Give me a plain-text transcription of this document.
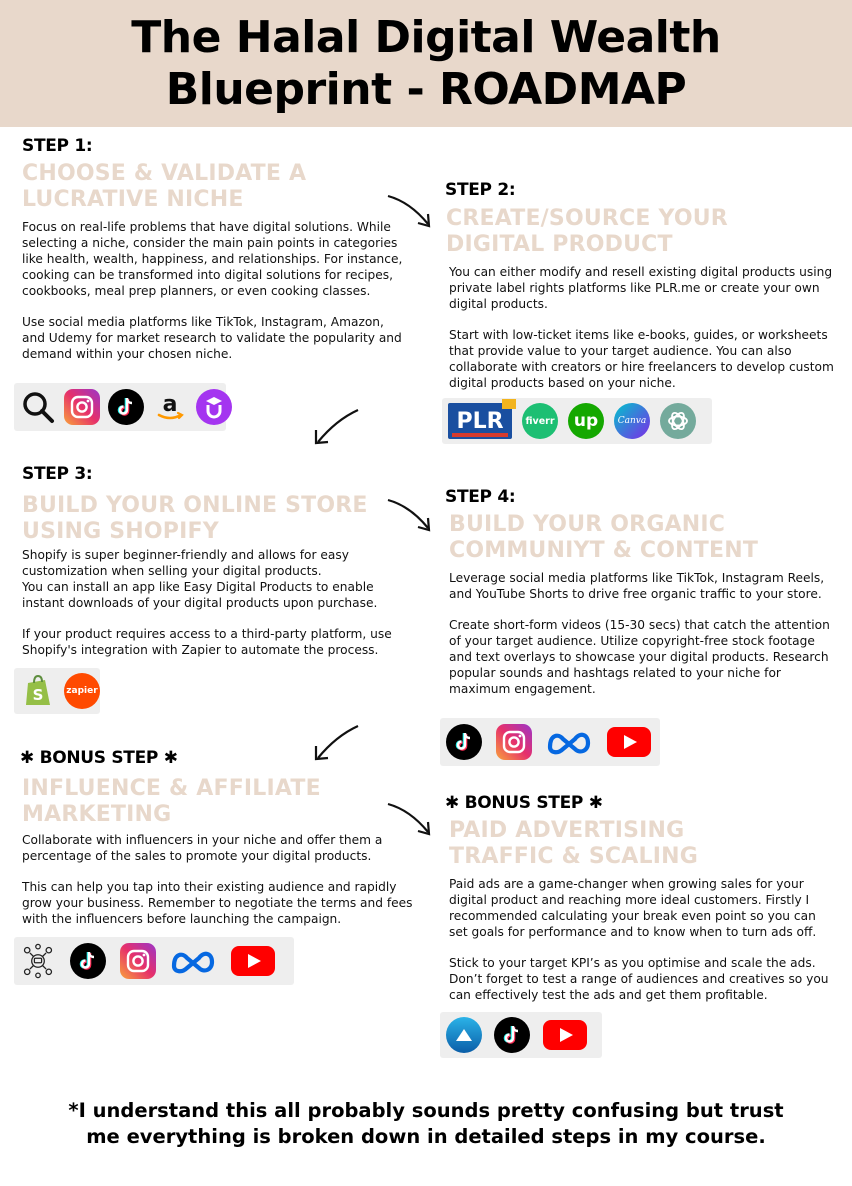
The Halal Digital Wealth
Blueprint - ROADMAP
STEP 1:
CHOOSE & VALIDATE A
LUCRATIVE NICHE

Focus on real-life problems that have digital solutions. While selecting a niche, consider the main pain points in categories like health, wealth, happiness, and relationships. For instance, cooking can be transformed into digital solutions for recipes, cookbooks, meal prep planners, or even cooking classes.

Use social media platforms like TikTok, Instagram, Amazon, and Udemy for market research to validate the popularity and demand within your chosen niche.

a
STEP 2:
CREATE/SOURCE YOUR
DIGITAL PRODUCT

You can either modify and resell existing digital products using private label rights platforms like PLR.me or create your own digital products.

Start with low-ticket items like e-books, guides, or worksheets that provide value to your target audience. You can also collaborate with creators or hire freelancers to develop custom digital products based on your niche.

PLR fiverr up Canva
STEP 3:
BUILD YOUR ONLINE STORE
USING SHOPIFY

Shopify is super beginner-friendly and allows for easy customization when selling your digital products.

You can install an app like Easy Digital Products to enable instant downloads of your digital products upon purchase.

If your product requires access to a third-party platform, use Shopify's integration with Zapier to automate the process.

S	zapier
STEP 4:
BUILD YOUR ORGANIC
COMMUNIYT & CONTENT

Leverage social media platforms like TikTok, Instagram Reels, and YouTube Shorts to drive free organic traffic to your store.

Create short-form videos (15-30 secs) that catch the attention of your target audience. Utilize copyright-free stock footage and text overlays to showcase your digital products. Research popular sounds and hashtags related to your niche for maximum engagement.

✱ BONUS STEP ✱
INFLUENCE & AFFILIATE
MARKETING

Collaborate with influencers in your niche and offer them a percentage of the sales to promote your digital products.

This can help you tap into their existing audience and rapidly grow your business. Remember to negotiate the terms and fees with the influencers before launching the campaign.

✱ BONUS STEP ✱
PAID ADVERTISING
TRAFFIC & SCALING

Paid ads are a game-changer when growing sales for your digital product and reaching more ideal customers. Firstly I recommended calculating your break even point so you can set goals for performance and to know when to turn ads off.

Stick to your target KPI’s as you optimise and scale the ads. Don’t forget to test a range of audiences and creatives so you can effectively test the ads and get them profitable.

*I understand this all probably sounds pretty confusing but trust
me everything is broken down in detailed steps in my course.
